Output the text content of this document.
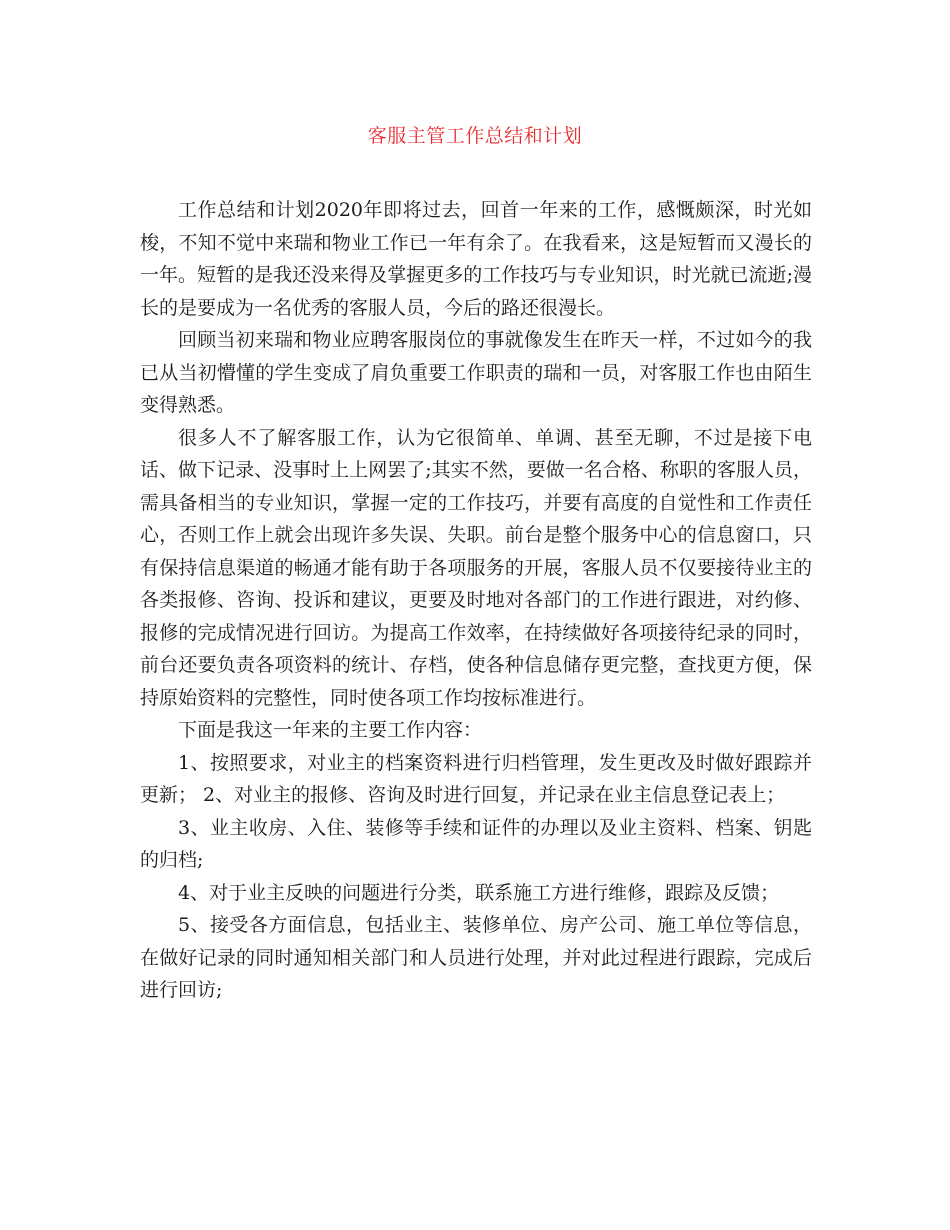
客服主管工作总结和计划

工作总结和计划2020年即将过去，回首一年来的工作，感慨颇深，时光如梭，不知不觉中来瑞和物业工作已一年有余了。在我看来，这是短暂而又漫长的一年。短暂的是我还没来得及掌握更多的工作技巧与专业知识，时光就已流逝;漫长的是要成为一名优秀的客服人员，今后的路还很漫长。

回顾当初来瑞和物业应聘客服岗位的事就像发生在昨天一样，不过如今的我已从当初懵懂的学生变成了肩负重要工作职责的瑞和一员，对客服工作也由陌生变得熟悉。

很多人不了解客服工作，认为它很简单、单调、甚至无聊，不过是接下电话、做下记录、没事时上上网罢了;其实不然，要做一名合格、称职的客服人员，需具备相当的专业知识，掌握一定的工作技巧，并要有高度的自觉性和工作责任心，否则工作上就会出现许多失误、失职。前台是整个服务中心的信息窗口，只有保持信息渠道的畅通才能有助于各项服务的开展，客服人员不仅要接待业主的各类报修、咨询、投诉和建议，更要及时地对各部门的工作进行跟进，对约修、报修的完成情况进行回访。为提高工作效率，在持续做好各项接待纪录的同时，前台还要负责各项资料的统计、存档，使各种信息储存更完整，查找更方便，保持原始资料的完整性，同时使各项工作均按标准进行。

下面是我这一年来的主要工作内容：

1、按照要求，对业主的档案资料进行归档管理，发生更改及时做好跟踪并更新； 2、对业主的报修、咨询及时进行回复，并记录在业主信息登记表上；

3、业主收房、入住、装修等手续和证件的办理以及业主资料、档案、钥匙的归档;

4、对于业主反映的问题进行分类，联系施工方进行维修，跟踪及反馈；

5、接受各方面信息，包括业主、装修单位、房产公司、施工单位等信息，在做好记录的同时通知相关部门和人员进行处理，并对此过程进行跟踪，完成后进行回访;
